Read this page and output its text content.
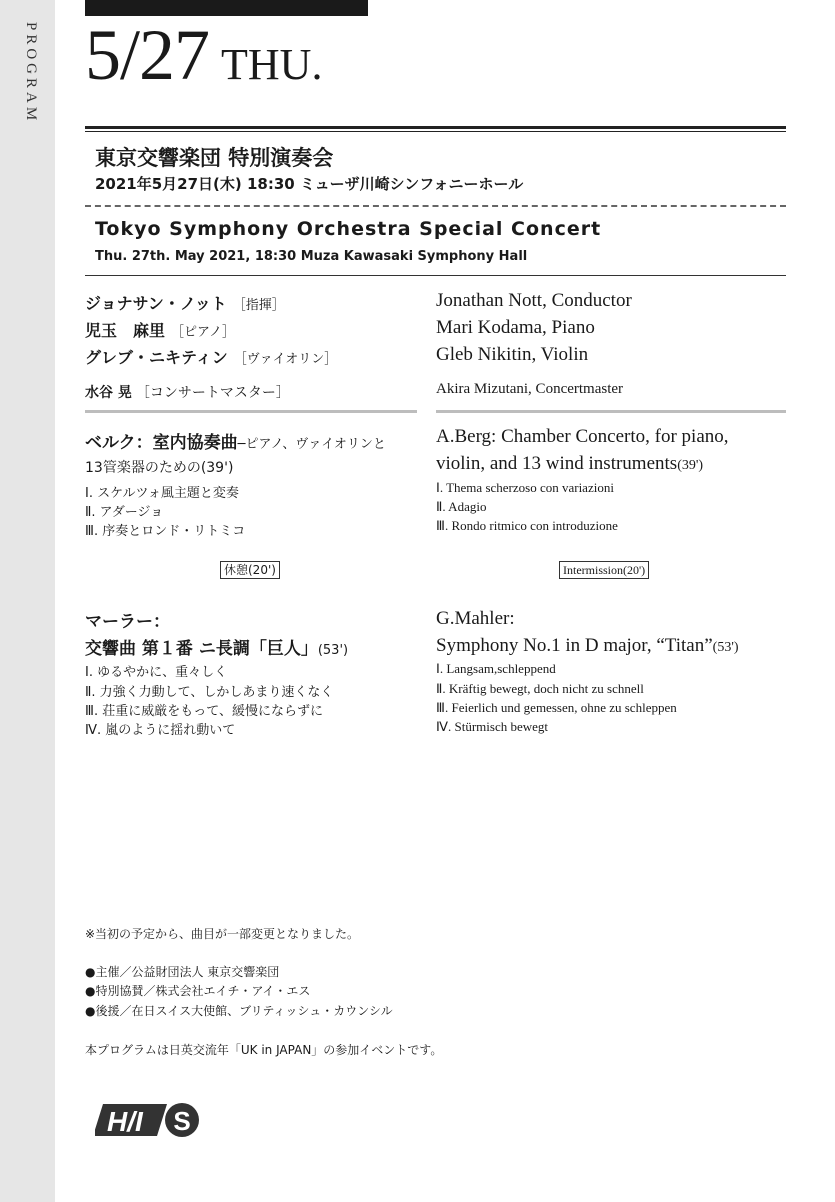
PROGRAM 5/27 THU.
東京交響楽団 特別演奏会
2021年5月27日(木) 18:30 ミューザ川崎シンフォニーホール
Tokyo Symphony Orchestra Special Concert
Thu. 27th. May 2021, 18:30 Muza Kawasaki Symphony Hall
ジョナサン・ノット ［指揮］
児玉　麻里 ［ピアノ］
グレブ・ニキティン ［ヴァイオリン］
水谷 晃 ［コンサートマスター］
Jonathan Nott, Conductor
Mari Kodama, Piano
Gleb Nikitin, Violin
Akira Mizutani, Concertmaster
ベルク：室内協奏曲─ピアノ、ヴァイオリンと
13管楽器のための(39')
Ⅰ. スケルツォ風主題と変奏
Ⅱ. アダージョ
Ⅲ. 序奏とロンド・リトミコ
A.Berg: Chamber Concerto, for piano,
violin, and 13 wind instruments(39')
Ⅰ. Thema scherzoso con variazioni
Ⅱ. Adagio
Ⅲ. Rondo ritmico con introduzione
休憩(20')	Intermission(20')
マーラー：
交響曲 第１番 ニ長調「巨人」(53')
Ⅰ. ゆるやかに、重々しく
Ⅱ. 力強く力動して、しかしあまり速くなく
Ⅲ. 荘重に威厳をもって、緩慢にならずに
Ⅳ. 嵐のように揺れ動いて
G.Mahler:
Symphony No.1 in D major, “Titan”(53')
Ⅰ. Langsam,schleppend
Ⅱ. Kräftig bewegt, doch nicht zu schnell
Ⅲ. Feierlich und gemessen, ohne zu schleppen
Ⅳ. Stürmisch bewegt
※当初の予定から、曲目が一部変更となりました。
●主催／公益財団法人 東京交響楽団
●特別協賛／株式会社エイチ・アイ・エス
●後援／在日スイス大使館、ブリティッシュ・カウンシル
本プログラムは日英交流年「UK in JAPAN」の参加イベントです。
H/I S
